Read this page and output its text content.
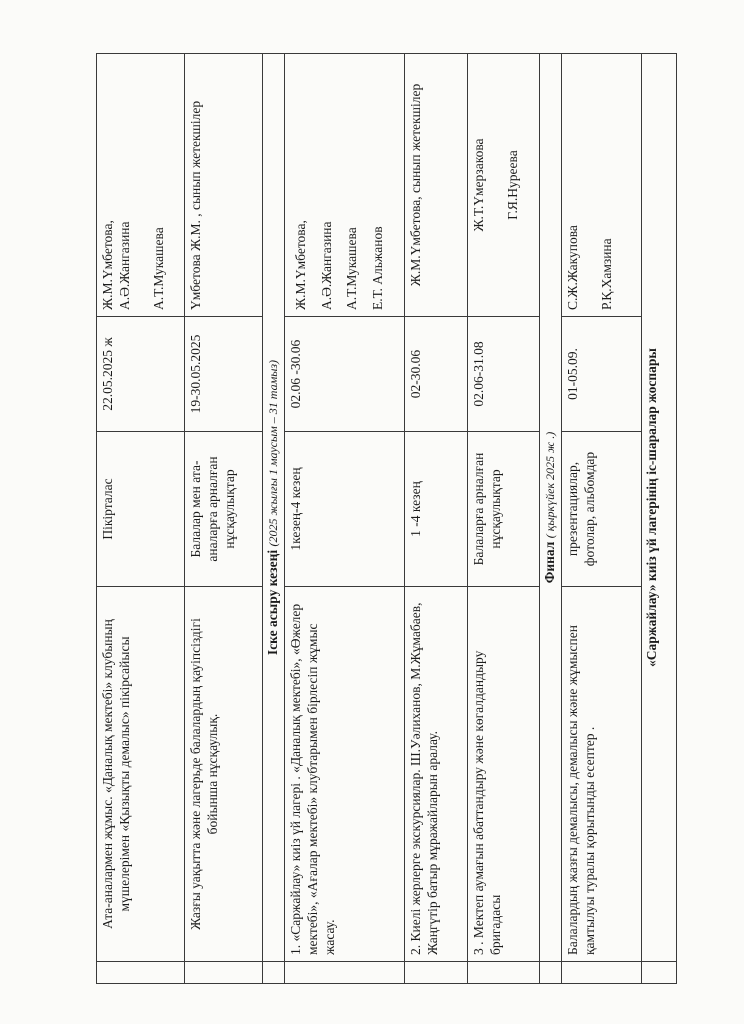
	Ата-аналармен жұмыс. «Даналық мектебі» клубының мүшелерімен «Қызықты демалыс» пікірсайысы	Пікірталас	22.05.2025 ж	Ж.М.Үмбетова,
А.Ә.Жангазина

А.Т.Мукашева
	Жазғы уақытта және лагерьде балалардың қауіпсіздігі бойынша нұсқаулық.	Балалар мен ата-аналарға арналған нұсқаулықтар	19-30.05.2025	Үмбетова Ж.М. , сынып жетекшілер
	Іске асыру кезеңі (2025 жылғы 1 маусым – 31 тамыз)			
	1. «Саржайлау» киіз үй лагері . «Даналық мектебі», «Өжелер мектебі», «Ағалар мектебі» клубтарымен бірлесіп жұмыс жасау.	1кезең-4 кезең	02.06 -30.06	Ж.М.Үмбетова,
А.Ә.Жангазина
А.Т.Мукашева
Е.Т. Альжанов
	2. Киелі жерлерге экскурсиялар. Ш.Уәлиханов, М.Жұмабаев, Жаңгүтір батыр мұражайларын аралау.	1 -4 кезең	02-30.06	Ж.М.Үмбетова, сынып жетекшілер
	3 . Мектеп аумағын абаттандыру және көгалдандыру бригадасы	Балаларға арналған нұсқаулықтар	02.06-31.08	Ж.Т.Үмерзакова

Г.Я.Нуреева
	Финал ( қыркүйек 2025 ж .)			
	Балалардың жазғы демалысы, демалысы және жұмыспен қамтылуы туралы қорытынды есептер .	презентациялар, фотолар, альбомдар	01-05.09.	С.Ж.Жакупова

Р.Қ.Хамзина
	«Саржайлау» киіз үй лагерінің іс-шаралар жоспары			
